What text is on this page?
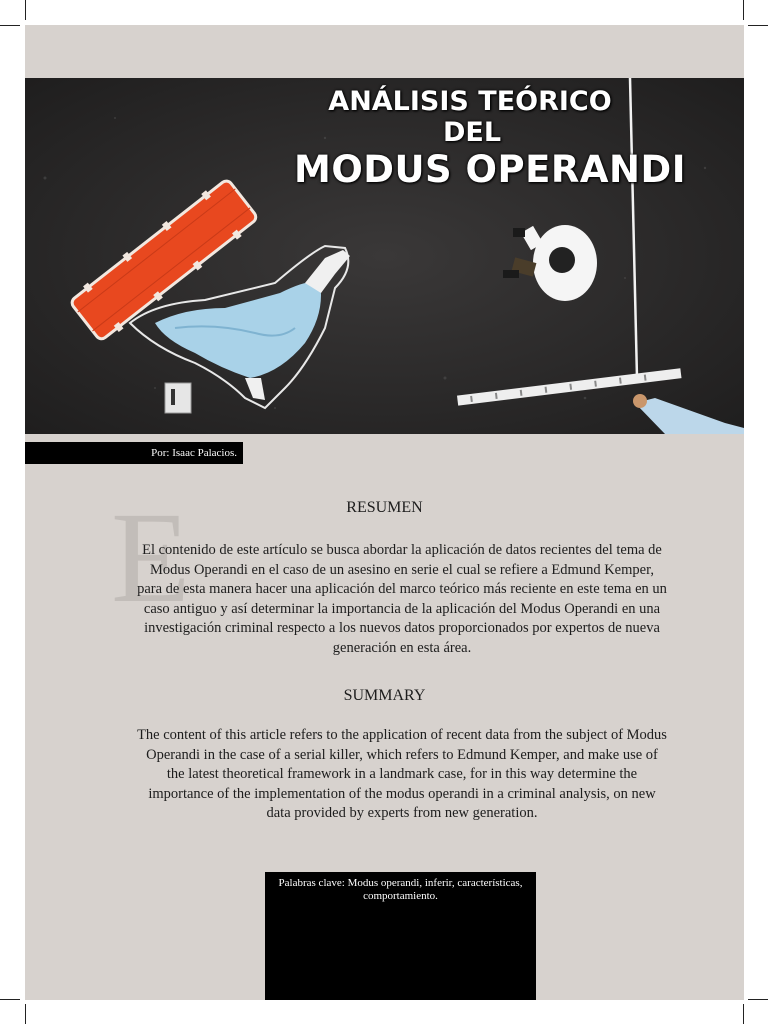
ANÁLISIS TEÓRICO
DEL
MODUS OPERANDI
Por: Isaac Palacios.
E	RESUMEN
El contenido de este artículo se busca abordar la aplicación de datos recientes del tema de Modus Operandi en el caso de un asesino en serie el cual se refiere a Edmund Kemper, para de esta manera hacer una aplicación del marco teórico más reciente en este tema en un caso antiguo y así determinar la importancia de la aplicación del Modus Operandi en una investigación criminal respecto a los nuevos datos proporcionados por expertos de nueva generación en esta área.
SUMMARY
The content of this article refers to the application of recent data from the subject of Modus Operandi in the case of a serial killer, which refers to Edmund Kemper, and make use of the latest theoretical framework in a landmark case, for in this way determine the importance of the implementation of the modus operandi in a criminal analysis, on new data provided by experts from new generation.
Palabras clave: Modus operandi, inferir, características, comportamiento.
